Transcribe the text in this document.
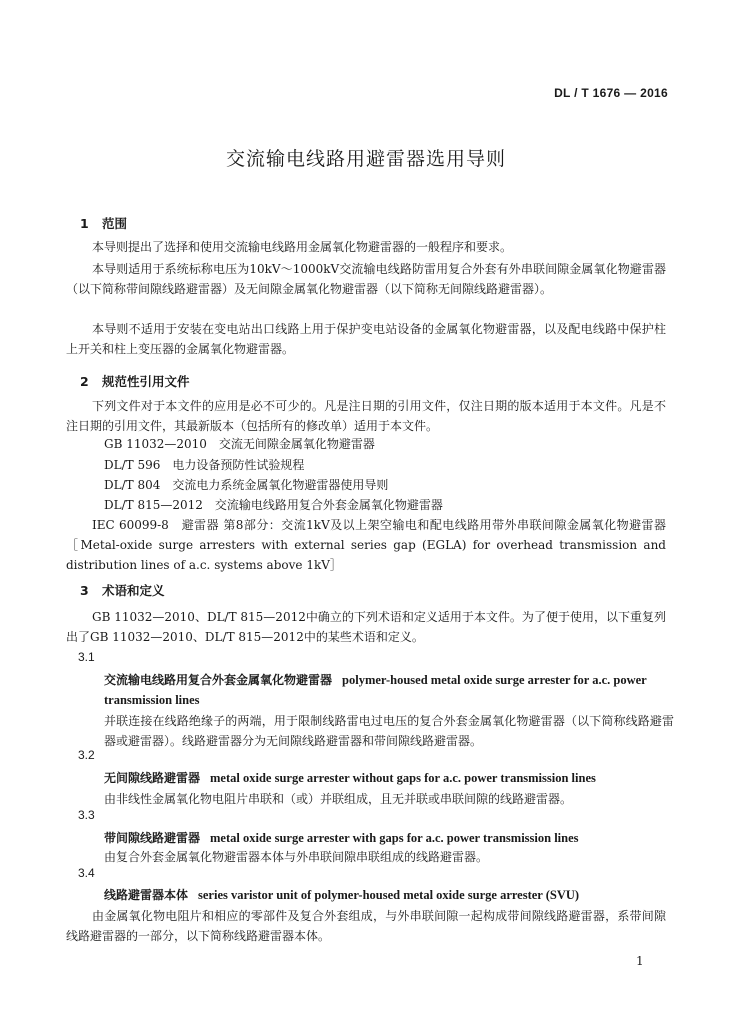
DL / T 1676 — 2016
交流输电线路用避雷器选用导则
1 范围

本导则提出了选择和使用交流输电线路用金属氧化物避雷器的一般程序和要求。

本导则适用于系统标称电压为10kV～1000kV交流输电线路防雷用复合外套有外串联间隙金属氧化物避雷器（以下简称带间隙线路避雷器）及无间隙金属氧化物避雷器（以下简称无间隙线路避雷器）。

本导则不适用于安装在变电站出口线路上用于保护变电站设备的金属氧化物避雷器，以及配电线路中保护柱上开关和柱上变压器的金属氧化物避雷器。

2 规范性引用文件

下列文件对于本文件的应用是必不可少的。凡是注日期的引用文件，仅注日期的版本适用于本文件。凡是不注日期的引用文件，其最新版本（包括所有的修改单）适用于本文件。

GB 11032—2010　交流无间隙金属氧化物避雷器
DL/T 596　电力设备预防性试验规程
DL/T 804　交流电力系统金属氧化物避雷器使用导则
DL/T 815—2012　交流输电线路用复合外套金属氧化物避雷器

IEC 60099-8　避雷器 第8部分：交流1kV及以上架空输电和配电线路用带外串联间隙金属氧化物避雷器［Metal-oxide surge arresters with external series gap (EGLA) for overhead transmission and distribution lines of a.c. systems above 1kV］

3 术语和定义

GB 11032—2010、DL/T 815—2012中确立的下列术语和定义适用于本文件。为了便于使用，以下重复列出了GB 11032—2010、DL/T 815—2012中的某些术语和定义。

3.1
交流输电线路用复合外套金属氧化物避雷器 polymer-housed metal oxide surge arrester for a.c. power transmission lines

并联连接在线路绝缘子的两端，用于限制线路雷电过电压的复合外套金属氧化物避雷器（以下简称线路避雷器或避雷器）。线路避雷器分为无间隙线路避雷器和带间隙线路避雷器。

3.2
无间隙线路避雷器 metal oxide surge arrester without gaps for a.c. power transmission lines

由非线性金属氧化物电阻片串联和（或）并联组成，且无并联或串联间隙的线路避雷器。

3.3
带间隙线路避雷器 metal oxide surge arrester with gaps for a.c. power transmission lines

由复合外套金属氧化物避雷器本体与外串联间隙串联组成的线路避雷器。

3.4
线路避雷器本体 series varistor unit of polymer-housed metal oxide surge arrester (SVU)

由金属氧化物电阻片和相应的零部件及复合外套组成，与外串联间隙一起构成带间隙线路避雷器，系带间隙线路避雷器的一部分，以下简称线路避雷器本体。

1
